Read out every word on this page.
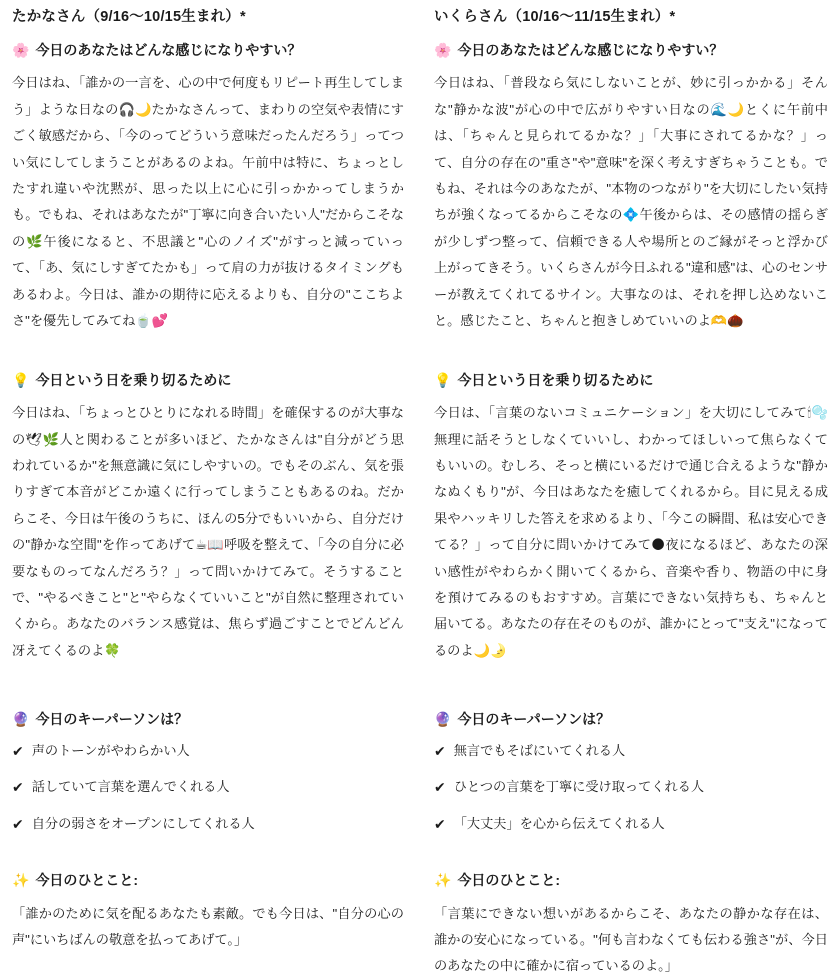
たかなさん（9/16〜10/15生まれ）*
🌸 今日のあなたはどんな感じになりやすい？

今日はね、「誰かの一言を、心の中で何度もリピート再生してしまう」ような日なの🎧🌙たかなさんって、まわりの空気や表情にすごく敏感だから、「今のってどういう意味だったんだろう」ってつい気にしてしまうことがあるのよね。午前中は特に、ちょっとしたすれ違いや沈黙が、思った以上に心に引っかかってしまうかも。でもね、それはあなたが"丁寧に向き合いたい人"だからこそなの🌿午後になると、不思議と"心のノイズ"がすっと減っていって、「あ、気にしすぎてたかも」って肩の力が抜けるタイミングもあるわよ。今日は、誰かの期待に応えるよりも、自分の"ここちよさ"を優先してみてね🍵💕

💡 今日という日を乗り切るために

今日はね、「ちょっとひとりになれる時間」を確保するのが大事なの🕊🌿人と関わることが多いほど、たかなさんは"自分がどう思われているか"を無意識に気にしやすいの。でもそのぶん、気を張りすぎて本音がどこか遠くに行ってしまうこともあるのね。だからこそ、今日は午後のうちに、ほんの5分でもいいから、自分だけの"静かな空間"を作ってあげて☕📖呼吸を整えて、「今の自分に必要なものってなんだろう？」って問いかけてみて。そうすることで、"やるべきこと"と"やらなくていいこと"が自然に整理されていくから。あなたのバランス感覚は、焦らず過ごすことでどんどん冴えてくるのよ🍀

🔮 今日のキーパーソンは？
✔ 声のトーンがやわらかい人
✔ 話していて言葉を選んでくれる人
✔ 自分の弱さをオープンにしてくれる人
✨ 今日のひとこと:

「誰かのために気を配るあなたも素敵。でも今日は、"自分の心の声"にいちばんの敬意を払ってあげて。」

いくらさん（10/16〜11/15生まれ）*
🌸 今日のあなたはどんな感じになりやすい？

今日はね、「普段なら気にしないことが、妙に引っかかる」そんな"静かな波"が心の中で広がりやすい日なの🌊🌙とくに午前中は、「ちゃんと見られてるかな？」「大事にされてるかな？」って、自分の存在の"重さ"や"意味"を深く考えすぎちゃうことも。でもね、それは今のあなたが、"本物のつながり"を大切にしたい気持ちが強くなってるからこそなの💠午後からは、その感情の揺らぎが少しずつ整って、信頼できる人や場所とのご縁がそっと浮かび上がってきそう。いくらさんが今日ふれる"違和感"は、心のセンサーが教えてくれてるサイン。大事なのは、それを押し込めないこと。感じたこと、ちゃんと抱きしめていいのよ🫶🌰

💡 今日という日を乗り切るために

今日は、「言葉のないコミュニケーション」を大切にしてみて🕯🫧無理に話そうとしなくていいし、わかってほしいって焦らなくてもいいの。むしろ、そっと横にいるだけで通じ合えるような"静かなぬくもり"が、今日はあなたを癒してくれるから。目に見える成果やハッキリした答えを求めるより、「今この瞬間、私は安心できてる？」って自分に問いかけてみて🌑夜になるほど、あなたの深い感性がやわらかく開いてくるから、音楽や香り、物語の中に身を預けてみるのもおすすめ。言葉にできない気持ちも、ちゃんと届いてる。あなたの存在そのものが、誰かにとって"支え"になってるのよ🌙🌛

🔮 今日のキーパーソンは？
✔ 無言でもそばにいてくれる人
✔ ひとつの言葉を丁寧に受け取ってくれる人
✔ 「大丈夫」を心から伝えてくれる人
✨ 今日のひとこと:

「言葉にできない想いがあるからこそ、あなたの静かな存在は、誰かの安心になっている。"何も言わなくても伝わる強さ"が、今日のあなたの中に確かに宿っているのよ。」
